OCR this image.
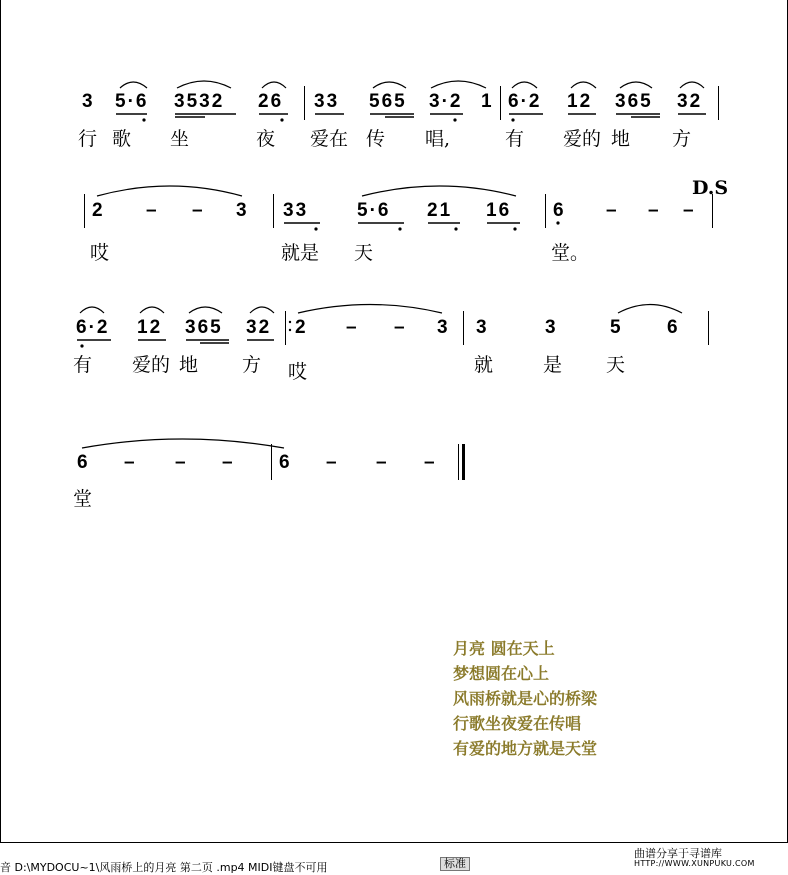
3 5·6 3532 26 33 565 3·2 1 6·2 12 365 32
行 歌 坐	夜 爱在 传 唱,	有 爱的 地 方
2 – – 3 33	5·6 21 16 6 – – –
哎	就是 天	堂。
6·2 12 365 32 2 – – 3 3	3	5 6
有 爱的 地 方 哎	就	是 天
6 – – – 6 – – –
堂
D.S
月亮 圆在天上
梦想圆在心上
风雨桥就是心的桥梁
行歌坐夜爱在传唱
有爱的地方就是天堂
曲谱分享于寻谱库
HTTP://WWW.XUNPUKU.COM
音 D:\MYDOCU~1\风雨桥上的月亮 第二页 .mp4 MIDI键盘不可用	标准
